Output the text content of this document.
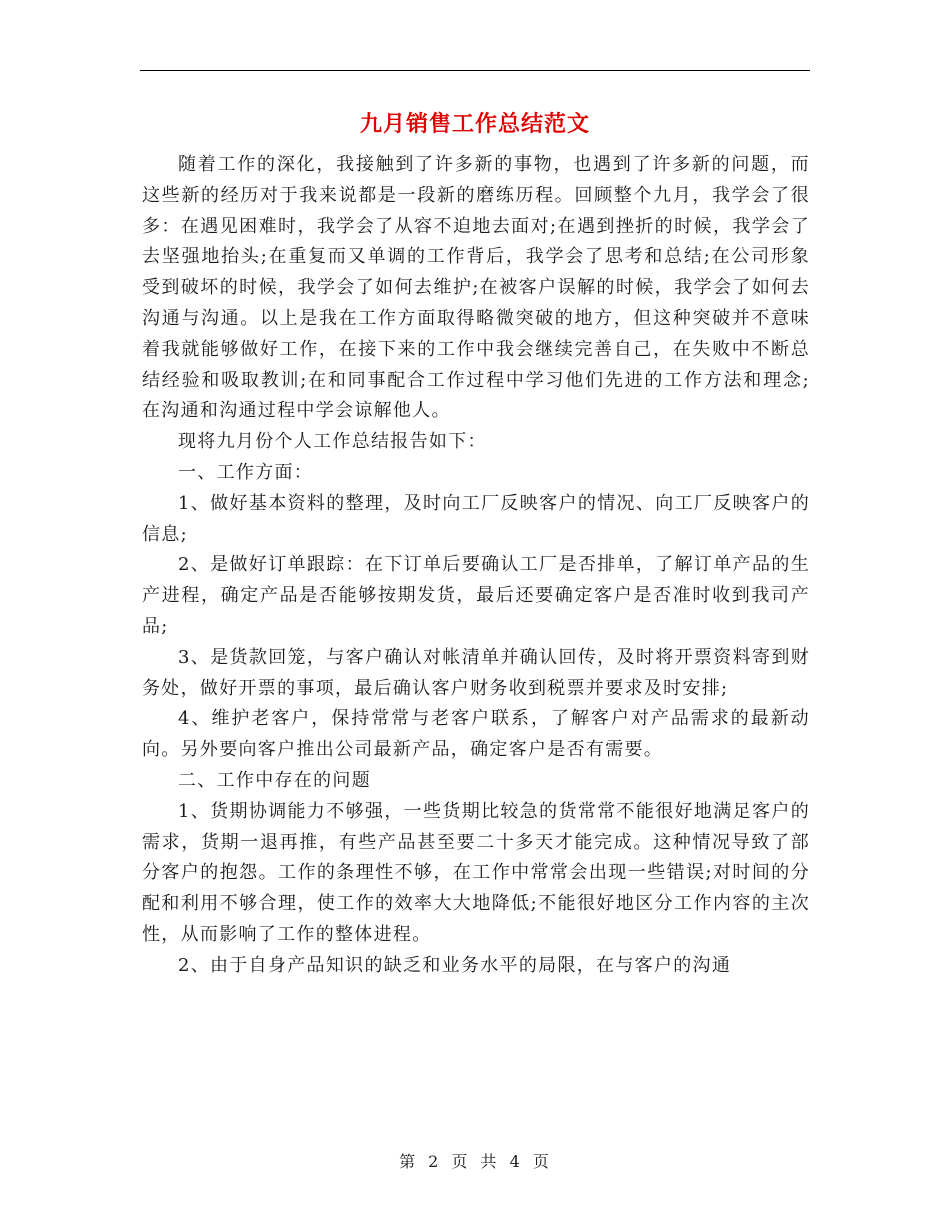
九月销售工作总结范文

随着工作的深化，我接触到了许多新的事物，也遇到了许多新的问题，而这些新的经历对于我来说都是一段新的磨练历程。回顾整个九月，我学会了很多：在遇见困难时，我学会了从容不迫地去面对;在遇到挫折的时候，我学会了去坚强地抬头;在重复而又单调的工作背后，我学会了思考和总结;在公司形象受到破坏的时候，我学会了如何去维护;在被客户误解的时候，我学会了如何去沟通与沟通。以上是我在工作方面取得略微突破的地方，但这种突破并不意味着我就能够做好工作，在接下来的工作中我会继续完善自己，在失败中不断总结经验和吸取教训;在和同事配合工作过程中学习他们先进的工作方法和理念;在沟通和沟通过程中学会谅解他人。

现将九月份个人工作总结报告如下：

一、工作方面：

1、做好基本资料的整理，及时向工厂反映客户的情况、向工厂反映客户的信息;

2、是做好订单跟踪：在下订单后要确认工厂是否排单，了解订单产品的生产进程，确定产品是否能够按期发货，最后还要确定客户是否准时收到我司产品;

3、是货款回笼，与客户确认对帐清单并确认回传，及时将开票资料寄到财务处，做好开票的事项，最后确认客户财务收到税票并要求及时安排;

4、维护老客户，保持常常与老客户联系，了解客户对产品需求的最新动向。另外要向客户推出公司最新产品，确定客户是否有需要。

二、工作中存在的问题

1、货期协调能力不够强，一些货期比较急的货常常不能很好地满足客户的需求，货期一退再推，有些产品甚至要二十多天才能完成。这种情况导致了部分客户的抱怨。工作的条理性不够，在工作中常常会出现一些错误;对时间的分配和利用不够合理，使工作的效率大大地降低;不能很好地区分工作内容的主次性，从而影响了工作的整体进程。

2、由于自身产品知识的缺乏和业务水平的局限，在与客户的沟通

第 2 页 共 4 页
